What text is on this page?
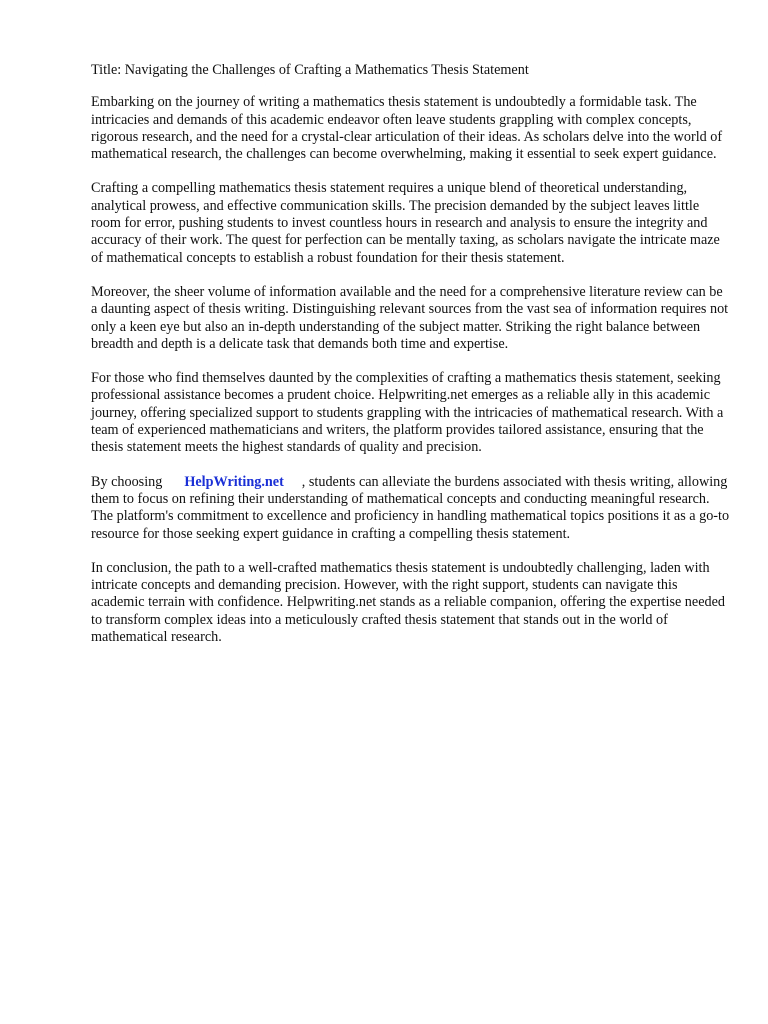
Title: Navigating the Challenges of Crafting a Mathematics Thesis Statement

Embarking on the journey of writing a mathematics thesis statement is undoubtedly a formidable task. The intricacies and demands of this academic endeavor often leave students grappling with complex concepts, rigorous research, and the need for a crystal-clear articulation of their ideas. As scholars delve into the world of mathematical research, the challenges can become overwhelming, making it essential to seek expert guidance.

Crafting a compelling mathematics thesis statement requires a unique blend of theoretical understanding, analytical prowess, and effective communication skills. The precision demanded by the subject leaves little room for error, pushing students to invest countless hours in research and analysis to ensure the integrity and accuracy of their work. The quest for perfection can be mentally taxing, as scholars navigate the intricate maze of mathematical concepts to establish a robust foundation for their thesis statement.

Moreover, the sheer volume of information available and the need for a comprehensive literature review can be a daunting aspect of thesis writing. Distinguishing relevant sources from the vast sea of information requires not only a keen eye but also an in-depth understanding of the subject matter. Striking the right balance between breadth and depth is a delicate task that demands both time and expertise.

For those who find themselves daunted by the complexities of crafting a mathematics thesis statement, seeking professional assistance becomes a prudent choice. Helpwriting.net emerges as a reliable ally in this academic journey, offering specialized support to students grappling with the intricacies of mathematical research. With a team of experienced mathematicians and writers, the platform provides tailored assistance, ensuring that the thesis statement meets the highest standards of quality and precision.

By choosing HelpWriting.net , students can alleviate the burdens associated with thesis writing, allowing them to focus on refining their understanding of mathematical concepts and conducting meaningful research. The platform's commitment to excellence and proficiency in handling mathematical topics positions it as a go-to resource for those seeking expert guidance in crafting a compelling thesis statement.

In conclusion, the path to a well-crafted mathematics thesis statement is undoubtedly challenging, laden with intricate concepts and demanding precision. However, with the right support, students can navigate this academic terrain with confidence. Helpwriting.net stands as a reliable companion, offering the expertise needed to transform complex ideas into a meticulously crafted thesis statement that stands out in the world of mathematical research.
